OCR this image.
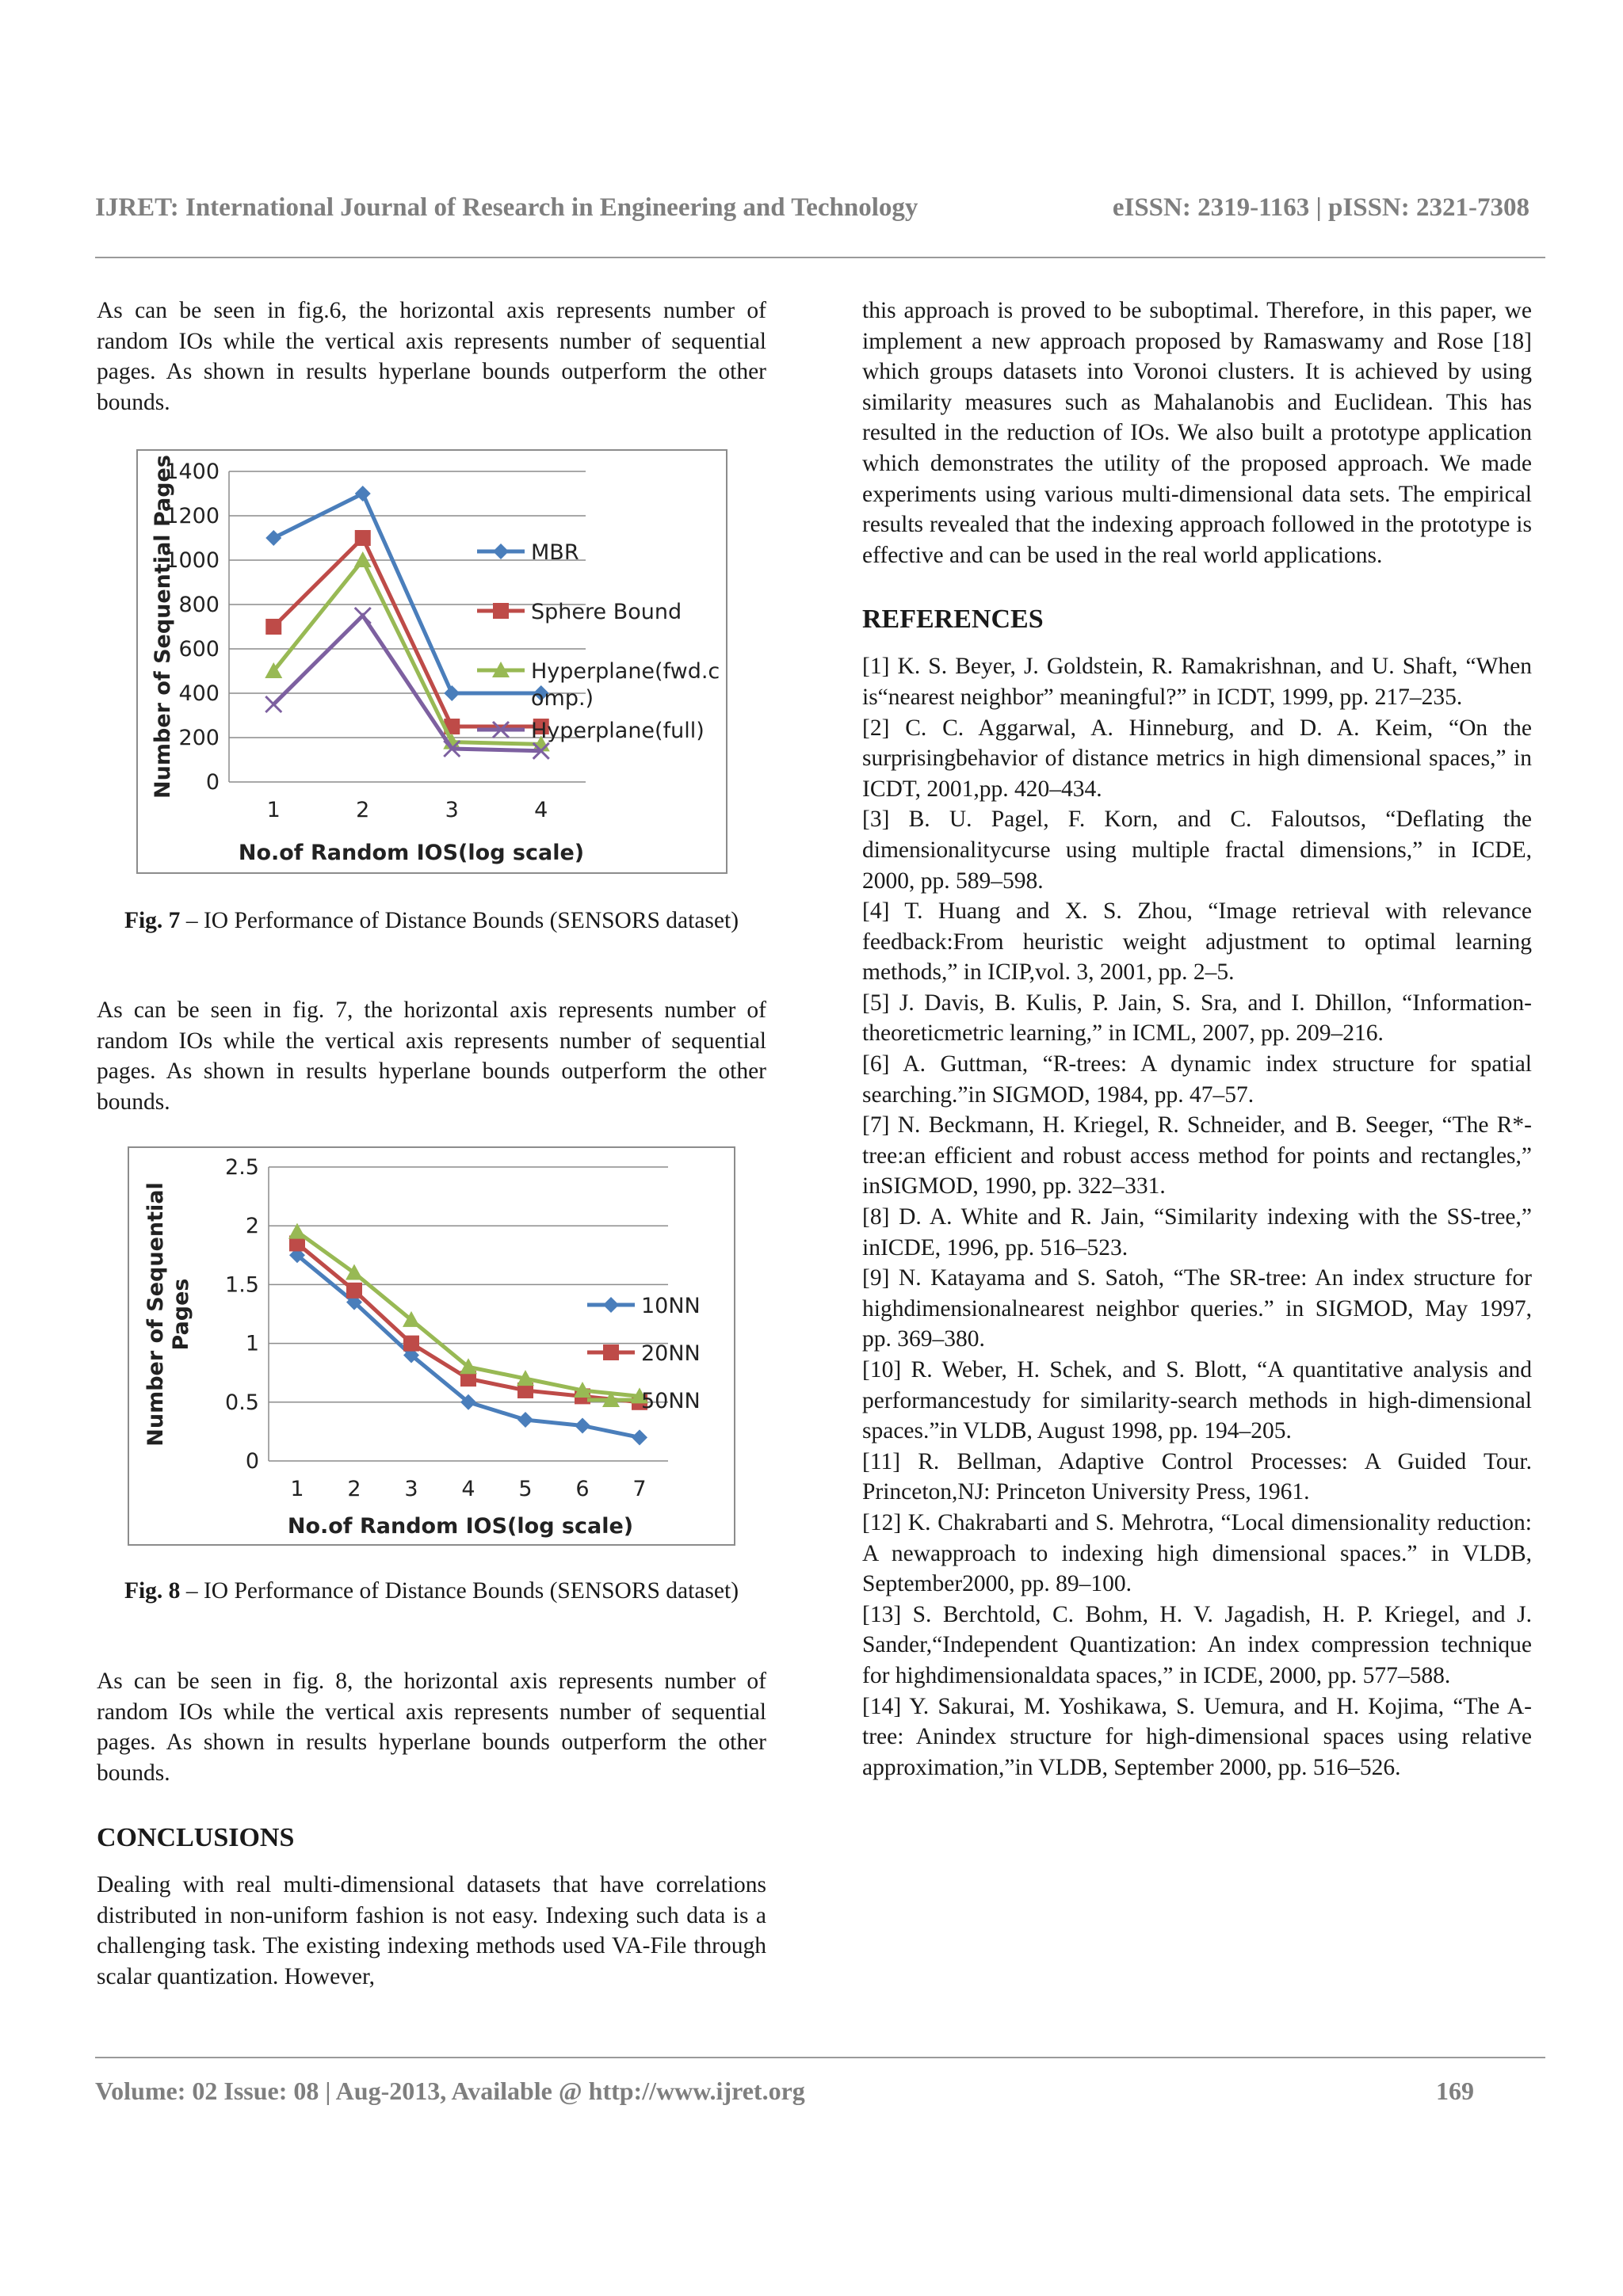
IJRET: International Journal of Research in Engineering and Technology	eISSN: 2319-1163 | pISSN: 2321-7308

As can be seen in fig.6, the horizontal axis represents number of random IOs while the vertical axis represents number of sequential pages. As shown in results hyperlane bounds outperform the other bounds.

0
200
400
600
800
1000
1200
1400
1	2	3	4
No.of Random IOS(log scale)
Number of Sequential Pages	MBR
Sphere Bound
Hyperplane(fwd.c
omp.)
Hyperplane(full)
Fig. 7 – IO Performance of Distance Bounds (SENSORS dataset)

As can be seen in fig. 7, the horizontal axis represents number of random IOs while the vertical axis represents number of sequential pages. As shown in results hyperlane bounds outperform the other bounds.

0
0.5
1
1.5
2
2.5
1 2 3 4 5 6 7
No.of Random IOS(log scale)
Number of Sequential Pages	10NN
20NN
50NN
Fig. 8 – IO Performance of Distance Bounds (SENSORS dataset)

As can be seen in fig. 8, the horizontal axis represents number of random IOs while the vertical axis represents number of sequential pages. As shown in results hyperlane bounds outperform the other bounds.

CONCLUSIONS

Dealing with real multi-dimensional datasets that have correlations distributed in non-uniform fashion is not easy. Indexing such data is a challenging task. The existing indexing methods used VA-File through scalar quantization. However,

this approach is proved to be suboptimal. Therefore, in this paper, we implement a new approach proposed by Ramaswamy and Rose [18] which groups datasets into Voronoi clusters. It is achieved by using similarity measures such as Mahalanobis and Euclidean. This has resulted in the reduction of IOs. We also built a prototype application which demonstrates the utility of the proposed approach. We made experiments using various multi-dimensional data sets. The empirical results revealed that the indexing approach followed in the prototype is effective and can be used in the real world applications.

REFERENCES

[1] K. S. Beyer, J. Goldstein, R. Ramakrishnan, and U. Shaft, “When is“nearest neighbor” meaningful?” in ICDT, 1999, pp. 217–235.

[2] C. C. Aggarwal, A. Hinneburg, and D. A. Keim, “On the surprisingbehavior of distance metrics in high dimensional spaces,” in ICDT, 2001,pp. 420–434.

[3] B. U. Pagel, F. Korn, and C. Faloutsos, “Deflating the dimensionalitycurse using multiple fractal dimensions,” in ICDE, 2000, pp. 589–598.

[4] T. Huang and X. S. Zhou, “Image retrieval with relevance feedback:From heuristic weight adjustment to optimal learning methods,” in ICIP,vol. 3, 2001, pp. 2–5.

[5] J. Davis, B. Kulis, P. Jain, S. Sra, and I. Dhillon, “Information-theoreticmetric learning,” in ICML, 2007, pp. 209–216.

[6] A. Guttman, “R-trees: A dynamic index structure for spatial searching.”in SIGMOD, 1984, pp. 47–57.

[7] N. Beckmann, H. Kriegel, R. Schneider, and B. Seeger, “The R*-tree:an efficient and robust access method for points and rectangles,” inSIGMOD, 1990, pp. 322–331.

[8] D. A. White and R. Jain, “Similarity indexing with the SS-tree,” inICDE, 1996, pp. 516–523.

[9] N. Katayama and S. Satoh, “The SR-tree: An index structure for highdimensionalnearest neighbor queries.” in SIGMOD, May 1997, pp. 369–380.

[10] R. Weber, H. Schek, and S. Blott, “A quantitative analysis and performancestudy for similarity-search methods in high-dimensional spaces.”in VLDB, August 1998, pp. 194–205.

[11] R. Bellman, Adaptive Control Processes: A Guided Tour. Princeton,NJ: Princeton University Press, 1961.

[12] K. Chakrabarti and S. Mehrotra, “Local dimensionality reduction: A newapproach to indexing high dimensional spaces.” in VLDB, September2000, pp. 89–100.

[13] S. Berchtold, C. Bohm, H. V. Jagadish, H. P. Kriegel, and J. Sander,“Independent Quantization: An index compression technique for highdimensionaldata spaces,” in ICDE, 2000, pp. 577–588.

[14] Y. Sakurai, M. Yoshikawa, S. Uemura, and H. Kojima, “The A-tree: Anindex structure for high-dimensional spaces using relative approximation,”in VLDB, September 2000, pp. 516–526.

Volume: 02 Issue: 08 | Aug-2013, Available @ http://www.ijret.org	169
